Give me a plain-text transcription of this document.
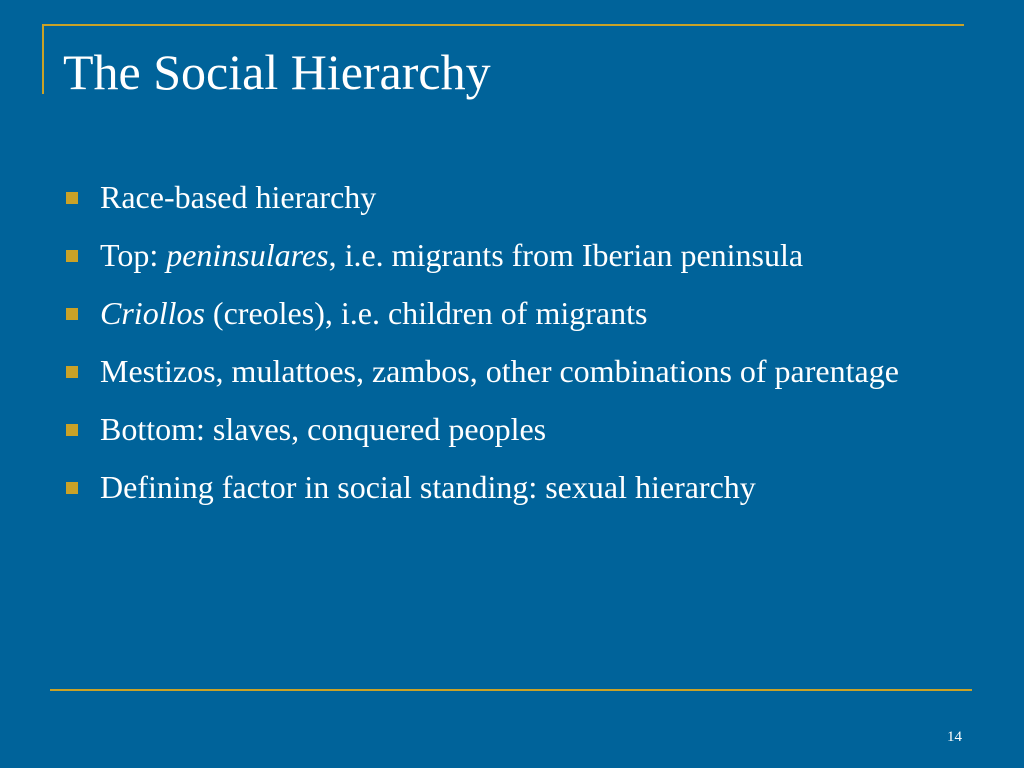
The Social Hierarchy
Race-based hierarchy
Top: peninsulares, i.e. migrants from Iberian peninsula
Criollos (creoles), i.e. children of migrants
Mestizos, mulattoes, zambos, other combinations of parentage
Bottom: slaves, conquered peoples
Defining factor in social standing: sexual hierarchy
14
